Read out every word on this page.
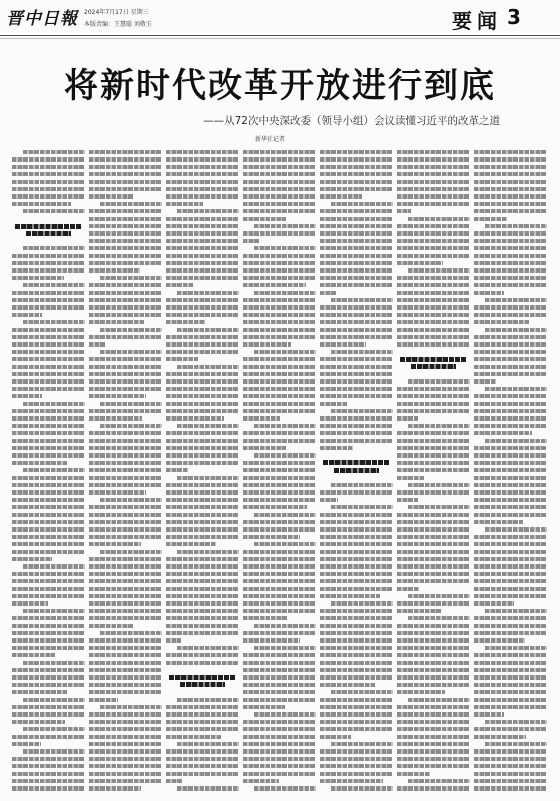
晋中日報 2024年7月17日 星期三
本版责编：王慧聪 刘敬玉	要闻 3
将新时代改革开放进行到底
——从72次中央深改委（领导小组）会议读懂习近平的改革之道
新华社记者
